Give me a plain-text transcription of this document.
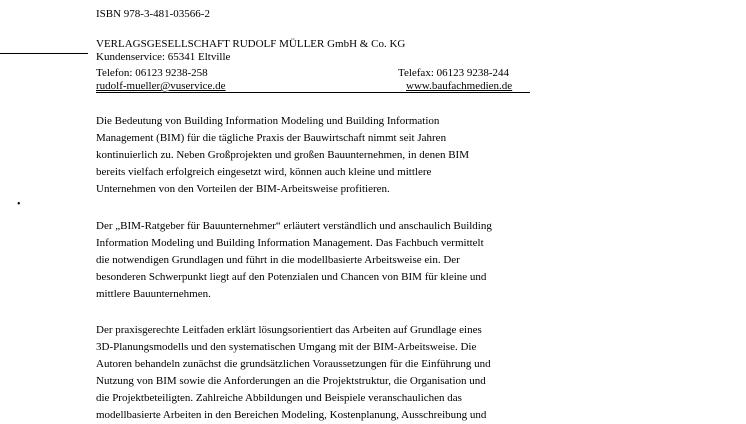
ISBN 978-3-481-03566-2
VERLAGSGESELLSCHAFT RUDOLF MÜLLER GmbH & Co. KG
Kundenservice: 65341 Eltville
Telefon: 06123 9238-258	Telefax: 06123 9238-244
rudolf-mueller@vuservice.de	www.baufachmedien.de
•

Die Bedeutung von Building Information Modeling und Building Information

Management (BIM) für die tägliche Praxis der Bauwirtschaft nimmt seit Jahren

kontinuierlich zu. Neben Großprojekten und großen Bauunternehmen, in denen BIM

bereits vielfach erfolgreich eingesetzt wird, können auch kleine und mittlere

Unternehmen von den Vorteilen der BIM-Arbeitsweise profitieren.

Der „BIM-Ratgeber für Bauunternehmer“ erläutert verständlich und anschaulich Building

Information Modeling und Building Information Management. Das Fachbuch vermittelt

die notwendigen Grundlagen und führt in die modellbasierte Arbeitsweise ein. Der

besonderen Schwerpunkt liegt auf den Potenzialen und Chancen von BIM für kleine und

mittlere Bauunternehmen.

Der praxisgerechte Leitfaden erklärt lösungsorientiert das Arbeiten auf Grundlage eines

3D-Planungsmodells und den systematischen Umgang mit der BIM-Arbeitsweise. Die

Autoren behandeln zunächst die grundsätzlichen Voraussetzungen für die Einführung und

Nutzung von BIM sowie die Anforderungen an die Projektstruktur, die Organisation und

die Projektbeteiligten. Zahlreiche Abbildungen und Beispiele veranschaulichen das

modellbasierte Arbeiten in den Bereichen Modeling, Kostenplanung, Ausschreibung und
